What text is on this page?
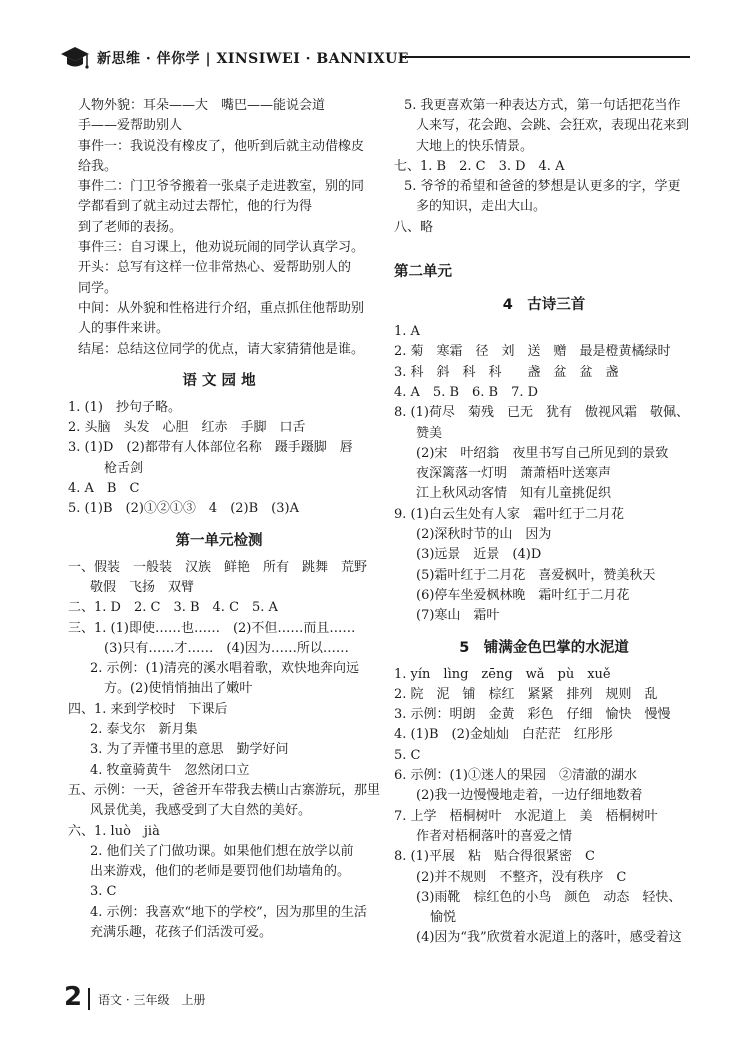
新思维 · 伴你学 | XINSIWEI · BANNIXUE
人物外貌：耳朵——大　嘴巴——能说会道
手——爱帮助别人
事件一：我说没有橡皮了，他听到后就主动借橡皮
给我。
事件二：门卫爷爷搬着一张桌子走进教室，别的同
学都看到了就主动过去帮忙，他的行为得
到了老师的表扬。
事件三：自习课上，他劝说玩闹的同学认真学习。
开头：总写有这样一位非常热心、爱帮助别人的
同学。
中间：从外貌和性格进行介绍，重点抓住他帮助别
人的事件来讲。
结尾：总结这位同学的优点，请大家猜猜他是谁。
语 文 园 地
1. (1)　抄句子略。
2. 头脑　头发　心胆　红赤　手脚　口舌
3. (1)D　(2)都带有人体部位名称　蹑手蹑脚　唇
枪舌剑
4. A　B　C
5. (1)B　(2)①②①③　4　(2)B　(3)A
第一单元检测
一、假装　一般装　汉族　鲜艳　所有　跳舞　荒野
敬假　飞扬　双臂
二、1. D　2. C　3. B　4. C　5. A
三、1. (1)即使……也……　(2)不但……而且……
(3)只有……才……　(4)因为……所以……
2. 示例：(1)清亮的溪水唱着歌，欢快地奔向远
方。(2)使悄悄抽出了嫩叶
四、1. 来到学校时　下课后
2. 泰戈尔　新月集
3. 为了弄懂书里的意思　勤学好问
4. 牧童骑黄牛　忽然闭口立
五、示例：一天，爸爸开车带我去横山古寨游玩，那里
风景优美，我感受到了大自然的美好。
六、1. luò　jià
2. 他们关了门做功课。如果他们想在放学以前
出来游戏，他们的老师是要罚他们劫墙角的。
3. C
4. 示例：我喜欢“地下的学校”，因为那里的生活
充满乐趣，花孩子们活泼可爱。
5. 我更喜欢第一种表达方式，第一句话把花当作
人来写，花会跑、会跳、会狂欢，表现出花来到
大地上的快乐情景。
七、1. B　2. C　3. D　4. A
5. 爷爷的希望和爸爸的梦想是认更多的字，学更
多的知识，走出大山。
八、略
第二单元
4　古诗三首
1. A
2. 菊　寒霜　径　刘　送　赠　最是橙黄橘绿时
3. 科　斜　科　科　　盏　盆　盆　盏
4. A　5. B　6. B　7. D
8. (1)荷尽　菊残　已无　犹有　傲视风霜　敬佩、
赞美
(2)宋　叶绍翁　夜里书写自己所见到的景致
夜深篱落一灯明　萧萧梧叶送寒声
江上秋风动客情　知有儿童挑促织
9. (1)白云生处有人家　霜叶红于二月花
(2)深秋时节的山　因为
(3)远景　近景　(4)D
(5)霜叶红于二月花　喜爱枫叶，赞美秋天
(6)停车坐爱枫林晚　霜叶红于二月花
(7)寒山　霜叶
5　铺满金色巴掌的水泥道
1. yín　lìng　zēng　wǎ　pù　xuě
2. 院　泥　铺　棕红　紧紧　排列　规则　乱
3. 示例：明朗　金黄　彩色　仔细　愉快　慢慢
4. (1)B　(2)金灿灿　白茫茫　红彤彤
5. C
6. 示例：(1)①迷人的果园　②清澈的湖水
(2)我一边慢慢地走着，一边仔细地数着
7. 上学　梧桐树叶　水泥道上　美　梧桐树叶
作者对梧桐落叶的喜爱之情
8. (1)平展　粘　贴合得很紧密　C
(2)并不规则　不整齐，没有秩序　C
(3)雨靴　棕红色的小鸟　颜色　动态　轻快、
愉悦
(4)因为“我”欣赏着水泥道上的落叶，感受着这
2 语文 · 三年级　上册
